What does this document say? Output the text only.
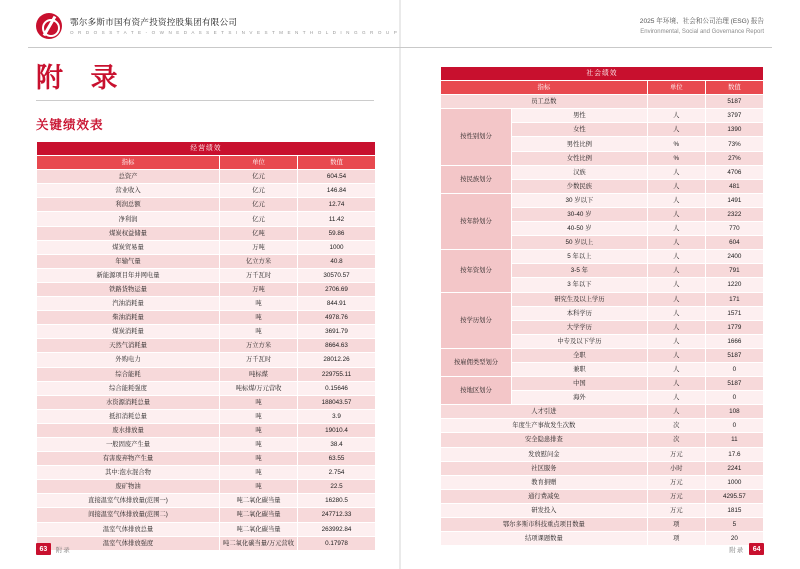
鄂尔多斯市国有资产投资控股集团有限公司
O R D O S S T A T E - O W N E D A S S E T S I N V E S T M E N T H O L D I N G G R O U P
2025 年环境、社会和公司治理 (ESG) 报告
Environmental, Social and Governance Report
附 录
关键绩效表
经营绩效		
指标	单位	数值
总资产	亿元	604.54
营业收入	亿元	146.84
利润总额	亿元	12.74
净利润	亿元	11.42
煤炭权益储量	亿吨	59.86
煤炭贸易量	万吨	1000
年输气量	亿立方米	40.8
新能源项目年并网电量	万千瓦时	30570.57
铁路货物运量	万吨	2706.69
汽油消耗量	吨	844.91
柴油消耗量	吨	4978.76
煤炭消耗量	吨	3691.79
天然气消耗量	万立方米	8664.63
外购电力	万千瓦时	28012.26
综合能耗	吨标煤	229755.11
综合能耗强度	吨标煤/万元营收	0.15646
水资源消耗总量	吨	188043.57
抵扣消耗总量	吨	3.9
废水排放量	吨	19010.4
一般固废产生量	吨	38.4
有害废弃物产生量	吨	63.55
其中:泡水混合物	吨	2.754
废矿物油	吨	22.5
直接温室气体排放量(范围一)	吨二氧化碳当量	16280.5
间接温室气体排放量(范围二)	吨二氧化碳当量	247712.33
温室气体排放总量	吨二氧化碳当量	263992.84
温室气体排放强度	吨二氧化碳当量/万元营收	0.17978
社会绩效			
指标		单位	数值
员工总数			5187
按性别划分	男性	人	3797
	女性	人	1390
	男性比例	%	73%
	女性比例	%	27%
按民族划分	汉族	人	4706
	少数民族	人	481
按年龄划分	30 岁以下	人	1491
	30-40 岁	人	2322
	40-50 岁	人	770
	50 岁以上	人	604
按年资划分	5 年以上	人	2400
	3-5 年	人	791
	3 年以下	人	1220
按学历划分	研究生及以上学历	人	171
	本科学历	人	1571
	大学学历	人	1779
	中专及以下学历	人	1666
按雇佣类型划分	全职	人	5187
	兼职	人	0
按地区划分	中国	人	5187
	海外	人	0
人才引进		人	108
年度生产事故发生次数		次	0
安全隐患排查		次	11
发放慰问金		万元	17.6
社区服务		小时	2241
教育捐赠		万元	1000
通行费减免		万元	4295.57
研发投入		万元	1815
鄂尔多斯市科技重点项目数量		项	5
结项课题数量		项	20
63	附录	附录	64
